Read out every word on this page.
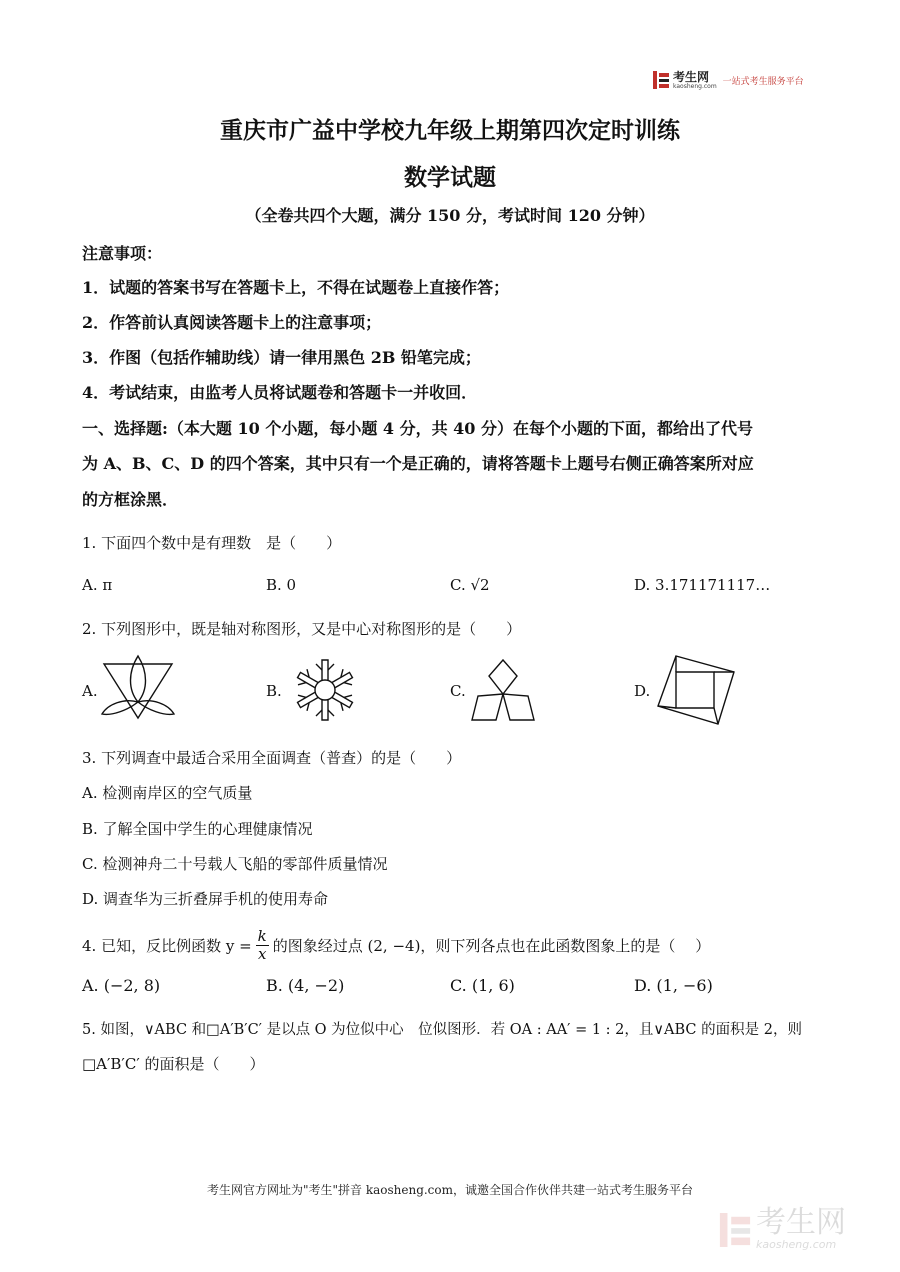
考生网
kaosheng.com 一站式考生服务平台
重庆市广益中学校九年级上期第四次定时训练
数学试题
（全卷共四个大题，满分 150 分，考试时间 120 分钟）
注意事项：
1．试题的答案书写在答题卡上，不得在试题卷上直接作答；
2．作答前认真阅读答题卡上的注意事项；
3．作图（包括作辅助线）请一律用黑色 2B 铅笔完成；
4．考试结束，由监考人员将试题卷和答题卡一并收回．
一、选择题:（本大题 10 个小题，每小题 4 分，共 40 分）在每个小题的下面，都给出了代号
为 A、B、C、D 的四个答案，其中只有一个是正确的，请将答题卡上题号右侧正确答案所对应
的方框涂黑．
1. 下面四个数中是有理数　是（　　）
A. π	B. 0	C. √2	D. 3.171171117…
2. 下列图形中，既是轴对称图形，又是中心对称图形的是（　　）
A.	B.	C.	D.
3. 下列调查中最适合采用全面调查（普查）的是（　　）
A. 检测南岸区的空气质量
B. 了解全国中学生的心理健康情况
C. 检测神舟二十号载人飞船的零部件质量情况
D. 调查华为三折叠屏手机的使用寿命
4. 已知，反比例函数 $y = \frac{k}{x}$ 的图象经过点 (2, −4)，则下列各点也在此函数图象上的是（　 ）
A. (−2, 8)	B. (4, −2)	C. (1, 6)	D. (1, −6)
5. 如图，∨ABC 和□A′B′C′ 是以点 O 为位似中心　位似图形．若 OA : AA′ = 1 : 2，且∨ABC 的面积是 2，则
□A′B′C′ 的面积是（　　）
考生网官方网址为"考生"拼音 kaosheng.com，诚邀全国合作伙伴共建一站式考生服务平台
考生网
kaosheng.com
